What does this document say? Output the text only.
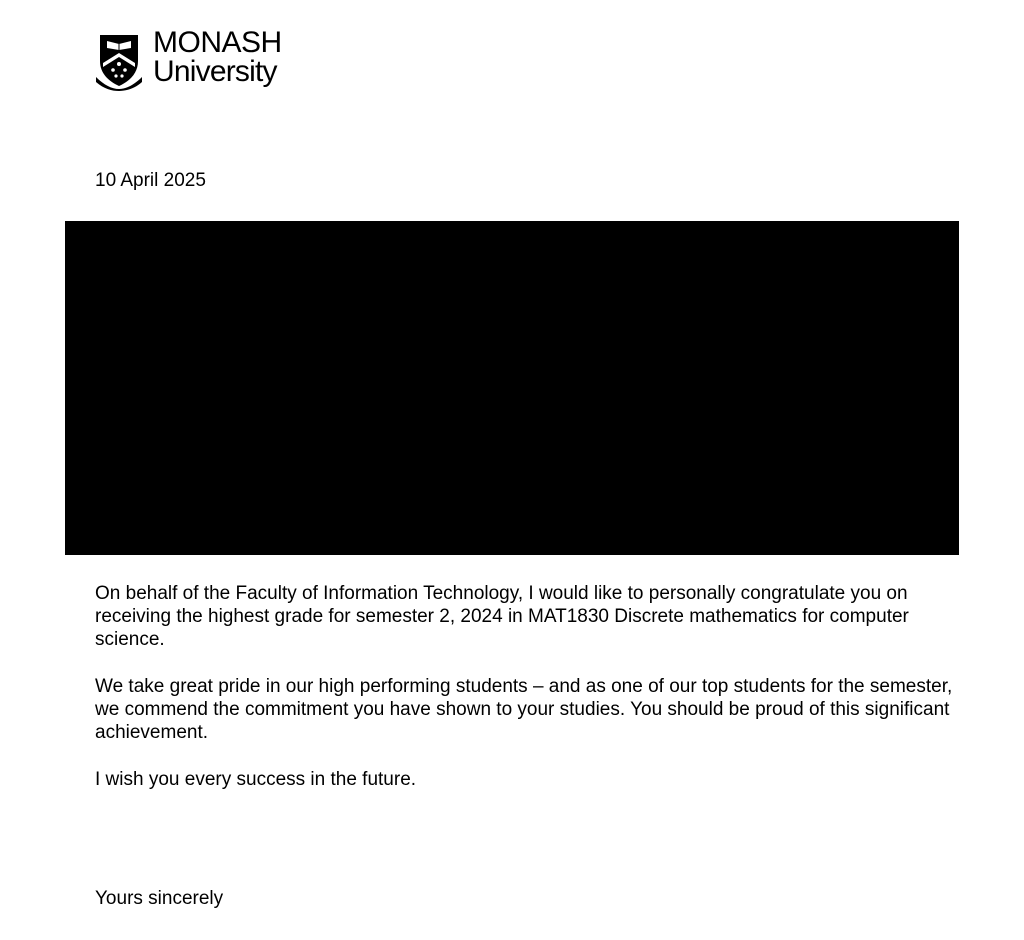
MONASH
University
10 April 2025

On behalf of the Faculty of Information Technology, I would like to personally congratulate you on receiving the highest grade for semester 2, 2024 in MAT1830 Discrete mathematics for computer science.

We take great pride in our high performing students – and as one of our top students for the semester, we commend the commitment you have shown to your studies. You should be proud of this significant achievement.

I wish you every success in the future.

Yours sincerely
